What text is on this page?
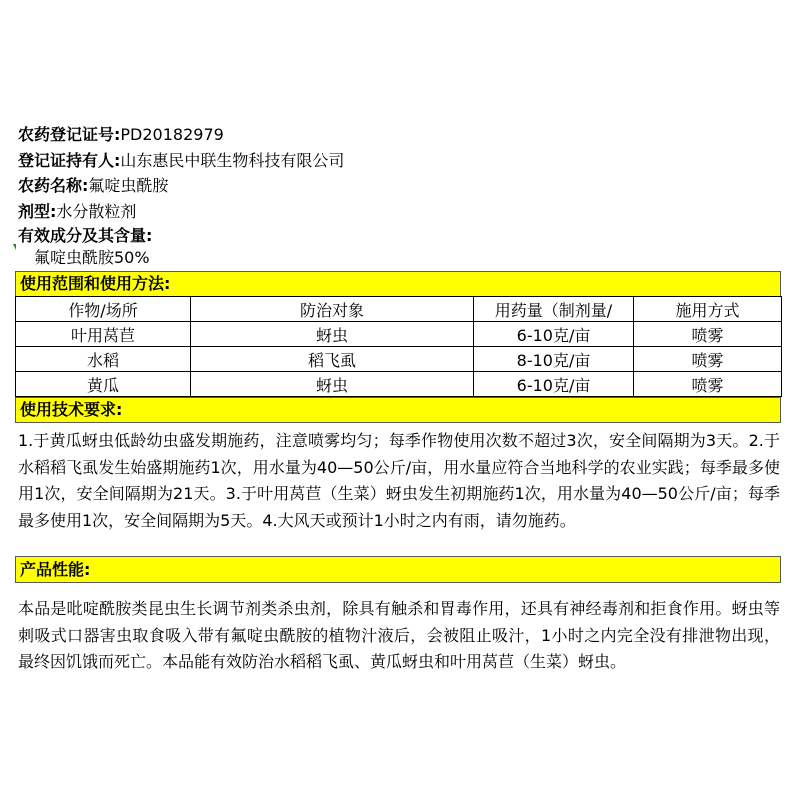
农药登记证号:PD20182979
登记证持有人:山东惠民中联生物科技有限公司
农药名称:氟啶虫酰胺
剂型:水分散粒剂
有效成分及其含量:
氟啶虫酰胺50%
使用范围和使用方法:
作物/场所	防治对象	用药量（制剂量/	施用方式
叶用莴苣	蚜虫	6-10克/亩	喷雾
水稻	稻飞虱	8-10克/亩	喷雾
黄瓜	蚜虫	6-10克/亩	喷雾
使用技术要求:
1.于黄瓜蚜虫低龄幼虫盛发期施药，注意喷雾均匀；每季作物使用次数不超过3次，安全间隔期为3天。2.于水稻稻飞虱发生始盛期施药1次，用水量为40—50公斤/亩，用水量应符合当地科学的农业实践；每季最多使用1次，安全间隔期为21天。3.于叶用莴苣（生菜）蚜虫发生初期施药1次，用水量为40—50公斤/亩；每季最多使用1次，安全间隔期为5天。4.大风天或预计1小时之内有雨，请勿施药。
产品性能:
本品是吡啶酰胺类昆虫生长调节剂类杀虫剂，除具有触杀和胃毒作用，还具有神经毒剂和拒食作用。蚜虫等刺吸式口器害虫取食吸入带有氟啶虫酰胺的植物汁液后，会被阻止吸汁，1小时之内完全没有排泄物出现，最终因饥饿而死亡。本品能有效防治水稻稻飞虱、黄瓜蚜虫和叶用莴苣（生菜）蚜虫。
